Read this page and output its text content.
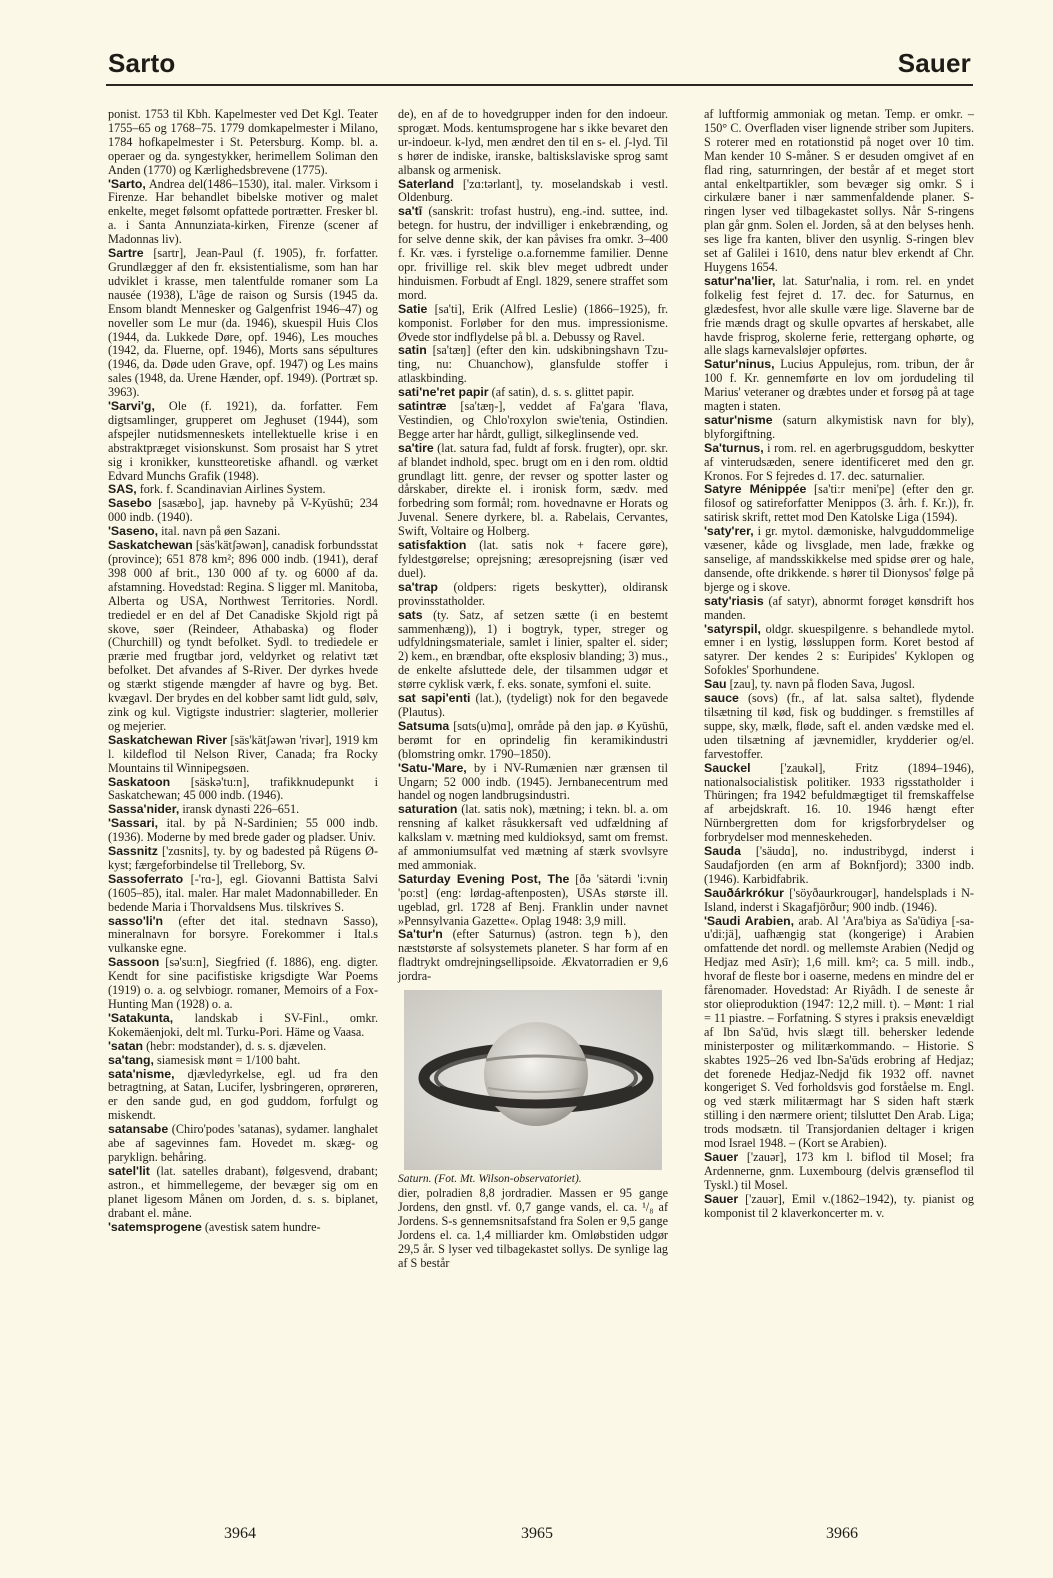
Sarto	Sauer

ponist. 1753 til Kbh. Kapelmester ved Det Kgl. Teater 1755–65 og 1768–75. 1779 domkapelmester i Milano, 1784 hofkapelmester i St. Petersburg. Komp. bl. a. operaer og da. syngestykker, herimellem Soliman den Anden (1770) og Kærlighedsbrevene (1775).

'Sarto, Andrea del(1486–1530), ital. maler. Virksom i Firenze. Har behandlet bibelske motiver og malet enkelte, meget følsomt opfattede portrætter. Fresker bl. a. i Santa Annunziata-kirken, Firenze (scener af Madonnas liv).

Sartre [sartr], Jean-Paul (f. 1905), fr. forfatter. Grundlægger af den fr. eksistentialisme, som han har udviklet i krasse, men talentfulde romaner som La nausée (1938), L'âge de raison og Sursis (1945 da. Ensom blandt Mennesker og Galgenfrist 1946–47) og noveller som Le mur (da. 1946), skuespil Huis Clos (1944, da. Lukkede Døre, opf. 1946), Les mouches (1942, da. Fluerne, opf. 1946), Morts sans sépultures (1946, da. Døde uden Grave, opf. 1947) og Les mains sales (1948, da. Urene Hænder, opf. 1949). (Portræt sp. 3963).

'Sarvi'g, Ole (f. 1921), da. forfatter. Fem digtsamlinger, grupperet om Jeghuset (1944), som afspejler nutidsmenneskets intellektuelle krise i en abstraktpræget visionskunst. Som prosaist har S ytret sig i kronikker, kunstteoretiske afhandl. og værket Edvard Munchs Grafik (1948).

SAS, fork. f. Scandinavian Airlines System.

Sasebo [sasæbo], jap. havneby på V-Kyūshū; 234 000 indb. (1940).

'Saseno, ital. navn på øen Sazani.

Saskatchewan [säs'kätʃəwən], canadisk forbundsstat (province); 651 878 km²; 896 000 indb. (1941), deraf 398 000 af brit., 130 000 af ty. og 6000 af da. afstamning. Hovedstad: Regina. S ligger ml. Manitoba, Alberta og USA, Northwest Territories. Nordl. trediedel er en del af Det Canadiske Skjold rigt på skove, søer (Reindeer, Athabaska) og floder (Churchill) og tyndt befolket. Sydl. to trediedele er prærie med frugtbar jord, veldyrket og relativt tæt befolket. Det afvandes af S-River. Der dyrkes hvede og stærkt stigende mængder af havre og byg. Bet. kvægavl. Der brydes en del kobber samt lidt guld, sølv, zink og kul. Vigtigste industrier: slagterier, mollerier og mejerier.

Saskatchewan River [säs'kätʃəwən 'rivər], 1919 km l. kildeflod til Nelson River, Canada; fra Rocky Mountains til Winnipegsøen.

Saskatoon [säskə'tu:n], trafikknudepunkt i Saskatchewan; 45 000 indb. (1946).

Sassa'nider, iransk dynasti 226–651.

'Sassari, ital. by på N-Sardinien; 55 000 indb. (1936). Moderne by med brede gader og pladser. Univ.

Sassnitz ['zɑsnits], ty. by og badested på Rügens Ø-kyst; færgeforbindelse til Trelleborg, Sv.

Sassoferrato [-'rɑ-], egl. Giovanni Battista Salvi (1605–85), ital. maler. Har malet Madonnabilleder. En bedende Maria i Thorvaldsens Mus. tilskrives S.

sasso'li'n (efter det ital. stednavn Sasso), mineralnavn for borsyre. Forekommer i Ital.s vulkanske egne.

Sassoon [sə'su:n], Siegfried (f. 1886), eng. digter. Kendt for sine pacifistiske krigsdigte War Poems (1919) o. a. og selvbiogr. romaner, Memoirs of a Fox-Hunting Man (1928) o. a.

'Satakunta, landskab i SV-Finl., omkr. Kokemäenjoki, delt ml. Turku-Pori. Häme og Vaasa.

'satan (hebr: modstander), d. s. s. djævelen.

sa'tang, siamesisk mønt = 1/100 baht.

sata'nisme, djævledyrkelse, egl. ud fra den betragtning, at Satan, Lucifer, lysbringeren, oprøreren, er den sande gud, en god guddom, forfulgt og miskendt.

satansabe (Chiro'podes 'satanas), sydamer. langhalet abe af sagevinnes fam. Hovedet m. skæg- og paryklign. behåring.

satel'lit (lat. satelles drabant), følgesvend, drabant; astron., et himmellegeme, der bevæger sig om en planet ligesom Månen om Jorden, d. s. s. biplanet, drabant el. måne.

'satemsprogene (avestisk satem hundre-

de), en af de to hovedgrupper inden for den indoeur. sprogæt. Mods. kentumsprogene har s ikke bevaret den ur-indoeur. k-lyd, men ændret den til en s- el. ʃ-lyd. Til s hører de indiske, iranske, baltiskslaviske sprog samt albansk og armenisk.

Saterland ['zɑ:tərlant], ty. moselandskab i vestl. Oldenburg.

sa'tī (sanskrit: trofast hustru), eng.-ind. suttee, ind. betegn. for hustru, der indvilliger i enkebrænding, og for selve denne skik, der kan påvises fra omkr. 3–400 f. Kr. væs. i fyrstelige o.a.fornemme familier. Denne opr. frivillige rel. skik blev meget udbredt under hinduismen. Forbudt af Engl. 1829, senere straffet som mord.

Satie [sa'ti], Erik (Alfred Leslie) (1866–1925), fr. komponist. Forløber for den mus. impressionisme. Øvede stor indflydelse på bl. a. Debussy og Ravel.

satin [sa'tæŋ] (efter den kin. udskibningshavn Tzu-ting, nu: Chuanchow), glansfulde stoffer i atlaskbinding.

sati'ne'ret papir (af satin), d. s. s. glittet papir.

satintræ [sa'tæŋ-], veddet af Fa'gara 'flava, Vestindien, og Chlo'roxylon swie'tenia, Ostindien. Begge arter har hårdt, gulligt, silkeglinsende ved.

sa'tire (lat. satura fad, fuldt af forsk. frugter), opr. skr. af blandet indhold, spec. brugt om en i den rom. oldtid grundlagt litt. genre, der revser og spotter laster og dårskaber, direkte el. i ironisk form, sædv. med forbedring som formål; rom. hovednavne er Horats og Juvenal. Senere dyrkere, bl. a. Rabelais, Cervantes, Swift, Voltaire og Holberg.

satisfaktion (lat. satis nok + facere gøre), fyldestgørelse; oprejsning; æresoprejsning (især ved duel).

sa'trap (oldpers: rigets beskytter), oldiransk provinsstatholder.

sats (ty. Satz, af setzen sætte (i en bestemt sammenhæng)), 1) i bogtryk, typer, streger og udfyldningsmateriale, samlet i linier, spalter el. sider; 2) kem., en brændbar, ofte eksplosiv blanding; 3) mus., de enkelte afsluttede dele, der tilsammen udgør et større cyklisk værk, f. eks. sonate, symfoni el. suite.

sat sapi'enti (lat.), (tydeligt) nok for den begavede (Plautus).

Satsuma [sɑts(u)mɑ], område på den jap. ø Kyūshū, berømt for en oprindelig fin keramikindustri (blomstring omkr. 1790–1850).

'Satu-'Mare, by i NV-Rumænien nær grænsen til Ungarn; 52 000 indb. (1945). Jernbanecentrum med handel og nogen landbrugsindustri.

saturation (lat. satis nok), mætning; i tekn. bl. a. om rensning af kalket råsukkersaft ved udfældning af kalkslam v. mætning med kuldioksyd, samt om fremst. af ammoniumsulfat ved mætning af stærk svovlsyre med ammoniak.

Saturday Evening Post, The [ðə 'sätərdi 'i:vniŋ 'po:st] (eng: lørdag-aftenposten), USAs største ill. ugeblad, grl. 1728 af Benj. Franklin under navnet »Pennsylvania Gazette«. Oplag 1948: 3,9 mill.

Sa'tur'n (efter Saturnus) (astron. tegn ♄), den næststørste af solsystemets planeter. S har form af en fladtrykt omdrejningsellipsoide. Ækvatorradien er 9,6 jordra-

Saturn. (Fot. Mt. Wilson-observatoriet).

dier, polradien 8,8 jordradier. Massen er 95 gange Jordens, den gnstl. vf. 0,7 gange vands, el. ca. ¹/₈ af Jordens. S-s gennemsnitsafstand fra Solen er 9,5 gange Jordens el. ca. 1,4 milliarder km. Omløbstiden udgør 29,5 år. S lyser ved tilbagekastet sollys. De synlige lag af S består

af luftformig ammoniak og metan. Temp. er omkr. –150° C. Overfladen viser lignende striber som Jupiters. S roterer med en rotationstid på noget over 10 tim. Man kender 10 S-måner. S er desuden omgivet af en flad ring, saturnringen, der består af et meget stort antal enkeltpartikler, som bevæger sig omkr. S i cirkulære baner i nær sammenfaldende planer. S-ringen lyser ved tilbagekastet sollys. Når S-ringens plan går gnm. Solen el. Jorden, så at den belyses henh. ses lige fra kanten, bliver den usynlig. S-ringen blev set af Galilei i 1610, dens natur blev erkendt af Chr. Huygens 1654.

satur'na'lier, lat. Satur'nalia, i rom. rel. en yndet folkelig fest fejret d. 17. dec. for Saturnus, en glædesfest, hvor alle skulle være lige. Slaverne bar de frie mænds dragt og skulle opvartes af herskabet, alle havde frisprog, skolerne ferie, rettergang ophørte, og alle slags karnevalsløjer opførtes.

Satur'ninus, Lucius Appulejus, rom. tribun, der år 100 f. Kr. gennemførte en lov om jordudeling til Marius' veteraner og dræbtes under et forsøg på at tage magten i staten.

satur'nisme (saturn alkymistisk navn for bly), blyforgiftning.

Sa'turnus, i rom. rel. en agerbrugsguddom, beskytter af vinterudsæden, senere identificeret med den gr. Kronos. For S fejredes d. 17. dec. saturnalier.

Satyre Ménippée [sa'ti:r meni'pe] (efter den gr. filosof og satireforfatter Menippos (3. årh. f. Kr.)), fr. satirisk skrift, rettet mod Den Katolske Liga (1594).

'saty'rer, i gr. mytol. dæmoniske, halvguddommelige væsener, kåde og livsglade, men lade, frække og sanselige, af mandsskikkelse med spidse ører og hale, dansende, ofte drikkende. s hører til Dionysos' følge på bjerge og i skove.

saty'riasis (af satyr), abnormt forøget kønsdrift hos manden.

'satyrspil, oldgr. skuespilgenre. s behandlede mytol. emner i en lystig, løssluppen form. Koret bestod af satyrer. Der kendes 2 s: Euripides' Kyklopen og Sofokles' Sporhundene.

Sau [zau], ty. navn på floden Sava, Jugosl.

sauce (sovs) (fr., af lat. salsa saltet), flydende tilsætning til kød, fisk og buddinger. s fremstilles af suppe, sky, mælk, fløde, saft el. anden vædske med el. uden tilsætning af jævnemidler, krydderier og/el. farvestoffer.

Sauckel ['zaukəl], Fritz (1894–1946), nationalsocialistisk politiker. 1933 rigsstatholder i Thüringen; fra 1942 befuldmægtiget til fremskaffelse af arbejdskraft. 16. 10. 1946 hængt efter Nürnbergretten dom for krigsforbrydelser og forbrydelser mod menneskeheden.

Sauda ['säudɑ], no. industribygd, inderst i Saudafjorden (en arm af Boknfjord); 3300 indb. (1946). Karbidfabrik.

Sauðárkrókur ['söyðaurkrougər], handelsplads i N-Island, inderst i Skagafjörður; 900 indb. (1946).

'Saudi Arabien, arab. Al 'Ara'biya as Sa'ūdiya [-sa-u'di:jä], uafhængig stat (kongerige) i Arabien omfattende det nordl. og mellemste Arabien (Nedjd og Hedjaz med Asīr); 1,6 mill. km²; ca. 5 mill. indb., hvoraf de fleste bor i oaserne, medens en mindre del er fårenomader. Hovedstad: Ar Riyâdh. I de seneste år stor olieproduktion (1947: 12,2 mill. t). – Mønt: 1 rial = 11 piastre. – Forfatning. S styres i praksis enevældigt af Ibn Sa'ūd, hvis slægt till. behersker ledende ministerposter og militærkommando. – Historie. S skabtes 1925–26 ved Ibn-Sa'ūds erobring af Hedjaz; det forenede Hedjaz-Nedjd fik 1932 off. navnet kongeriget S. Ved forholdsvis god forståelse m. Engl. og ved stærk militærmagt har S siden haft stærk stilling i den nærmere orient; tilsluttet Den Arab. Liga; trods modsætn. til Transjordanien deltager i krigen mod Israel 1948. – (Kort se Arabien).

Sauer ['zauər], 173 km l. biflod til Mosel; fra Ardennerne, gnm. Luxembourg (delvis grænseflod til Tyskl.) til Mosel.

Sauer ['zauər], Emil v.(1862–1942), ty. pianist og komponist til 2 klaverkoncerter m. v.

3964	3965	3966
